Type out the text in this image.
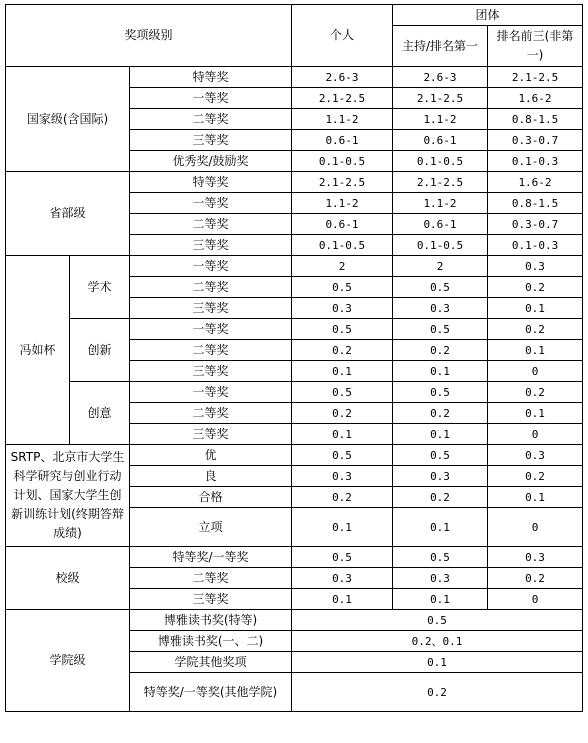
奖项级别			个人	团体	
				主持/排名第一	排名前三(非第一)
国家级(含国际)		特等奖	2.6-3	2.6-3	2.1-2.5
		一等奖	2.1-2.5	2.1-2.5	1.6-2
		二等奖	1.1-2	1.1-2	0.8-1.5
		三等奖	0.6-1	0.6-1	0.3-0.7
		优秀奖/鼓励奖	0.1-0.5	0.1-0.5	0.1-0.3
省部级		特等奖	2.1-2.5	2.1-2.5	1.6-2
		一等奖	1.1-2	1.1-2	0.8-1.5
		二等奖	0.6-1	0.6-1	0.3-0.7
		三等奖	0.1-0.5	0.1-0.5	0.1-0.3
冯如杯	学术	一等奖	2	2	0.3
		二等奖	0.5	0.5	0.2
		三等奖	0.3	0.3	0.1
	创新	一等奖	0.5	0.5	0.2
		二等奖	0.2	0.2	0.1
		三等奖	0.1	0.1	0
	创意	一等奖	0.5	0.5	0.2
		二等奖	0.2	0.2	0.1
		三等奖	0.1	0.1	0
SRTP、北京市大学生科学研究与创业行动计划、国家大学生创新训练计划(终期答辩成绩)		优	0.5	0.5	0.3
		良	0.3	0.3	0.2
		合格	0.2	0.2	0.1
		立项	0.1	0.1	0
校级		特等奖/一等奖	0.5	0.5	0.3
		二等奖	0.3	0.3	0.2
		三等奖	0.1	0.1	0
学院级		博雅读书奖(特等)	0.5		
		博雅读书奖(一、二)	0.2、0.1		
		学院其他奖项	0.1		
		特等奖/一等奖(其他学院)	0.2		
